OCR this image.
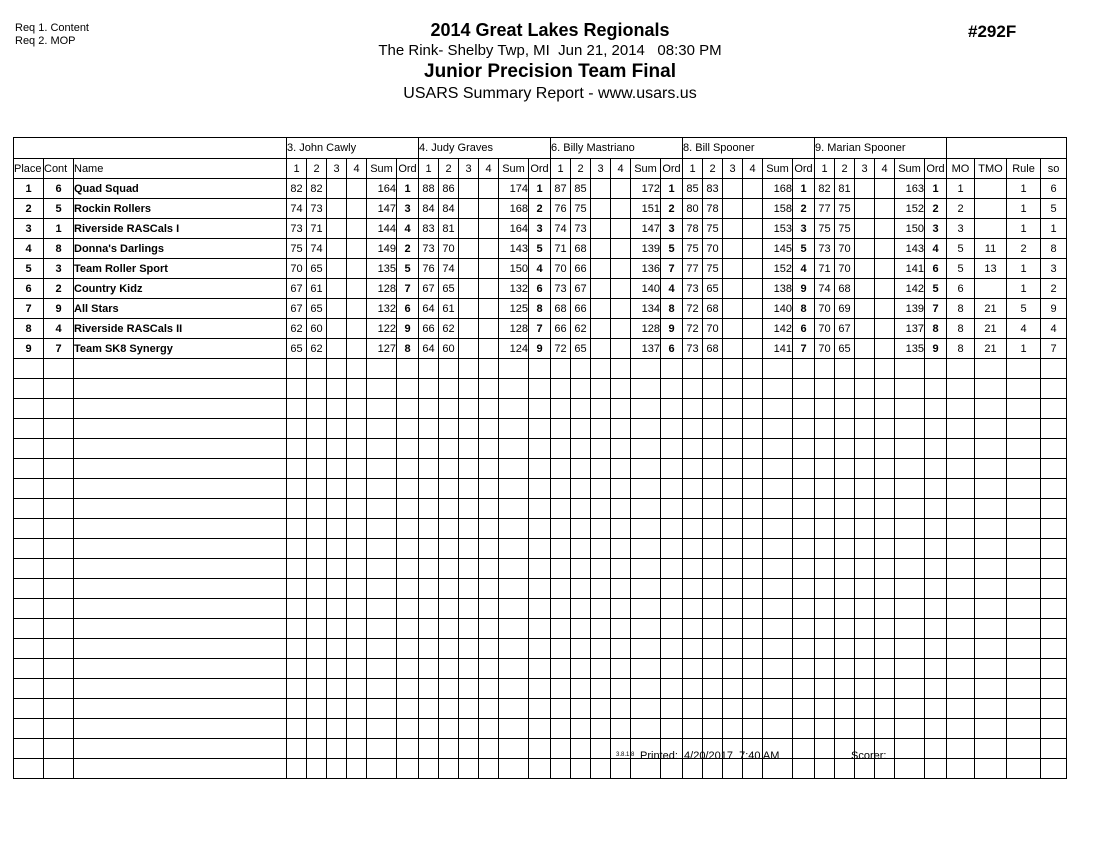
Req 1. Content
Req 2. MOP
2014 Great Lakes Regionals
The Rink- Shelby Twp, MI  Jun 21, 2014   08:30 PM
Junior Precision Team Final
USARS Summary Report - www.usars.us
#292F
			3. John Cawly						4. Judy Graves						6. Billy Mastriano						8. Bill Spooner						9. Marian Spooner									
Place	Cont	Name	1	2	3	4	Sum	Ord	1	2	3	4	Sum	Ord	1	2	3	4	Sum	Ord	1	2	3	4	Sum	Ord	1	2	3	4	Sum	Ord	MO	TMO	Rule	so
1	6	Quad Squad	82	82			164	1	88	86			174	1	87	85			172	1	85	83			168	1	82	81			163	1	1		1	6
2	5	Rockin Rollers	74	73			147	3	84	84			168	2	76	75			151	2	80	78			158	2	77	75			152	2	2		1	5
3	1	Riverside RASCals I	73	71			144	4	83	81			164	3	74	73			147	3	78	75			153	3	75	75			150	3	3		1	1
4	8	Donna's Darlings	75	74			149	2	73	70			143	5	71	68			139	5	75	70			145	5	73	70			143	4	5	11	2	8
5	3	Team Roller Sport	70	65			135	5	76	74			150	4	70	66			136	7	77	75			152	4	71	70			141	6	5	13	1	3
6	2	Country Kidz	67	61			128	7	67	65			132	6	73	67			140	4	73	65			138	9	74	68			142	5	6		1	2
7	9	All Stars	67	65			132	6	64	61			125	8	68	66			134	8	72	68			140	8	70	69			139	7	8	21	5	9
8	4	Riverside RASCals II	62	60			122	9	66	62			128	7	66	62			128	9	72	70			142	6	70	67			137	8	8	21	4	4
9	7	Team SK8 Synergy	65	62			127	8	64	60			124	9	72	65			137	6	73	68			141	7	70	65			135	9	8	21	1	7

3.8.1.8 Printed:  4/20/2017  7:40 AM	Scorer:
